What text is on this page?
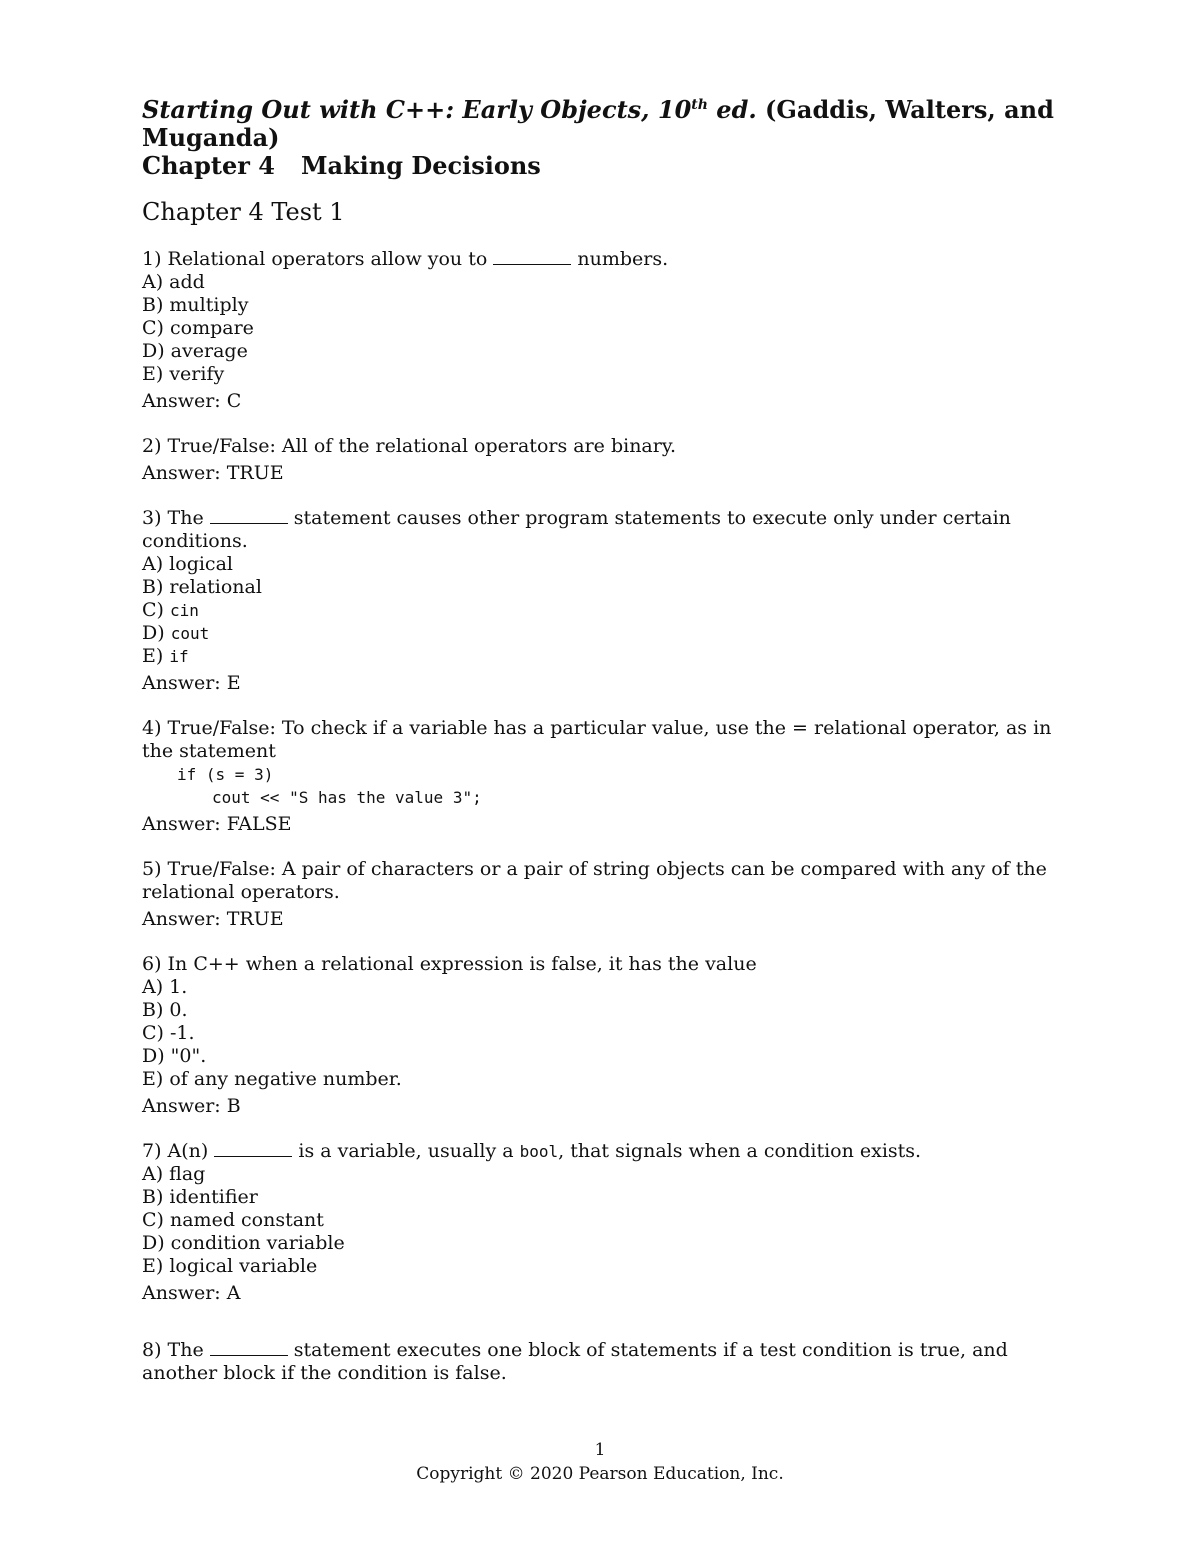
Starting Out with C++: Early Objects, 10th ed. (Gaddis, Walters, and Muganda)
Chapter 4 Making Decisions
Chapter 4 Test 1
1) Relational operators allow you to	numbers.
A) add
B) multiply
C) compare
D) average
E) verify
Answer: C
2) True/False: All of the relational operators are binary.
Answer: TRUE
3) The	statement causes other program statements to execute only under certain conditions.
A) logical
B) relational
C) cin
D) cout
E) if
Answer: E
4) True/False: To check if a variable has a particular value, use the = relational operator, as in the statement
if (s = 3)
cout << "S has the value 3";
Answer: FALSE
5) True/False: A pair of characters or a pair of string objects can be compared with any of the relational operators.
Answer: TRUE
6) In C++ when a relational expression is false, it has the value
A) 1.
B) 0.
C) -1.
D) "0".
E) of any negative number.
Answer: B
7) A(n)	is a variable, usually a bool, that signals when a condition exists.
A) flag
B) identifier
C) named constant
D) condition variable
E) logical variable
Answer: A
8) The	statement executes one block of statements if a test condition is true, and another block if the condition is false.
1
Copyright © 2020 Pearson Education, Inc.
